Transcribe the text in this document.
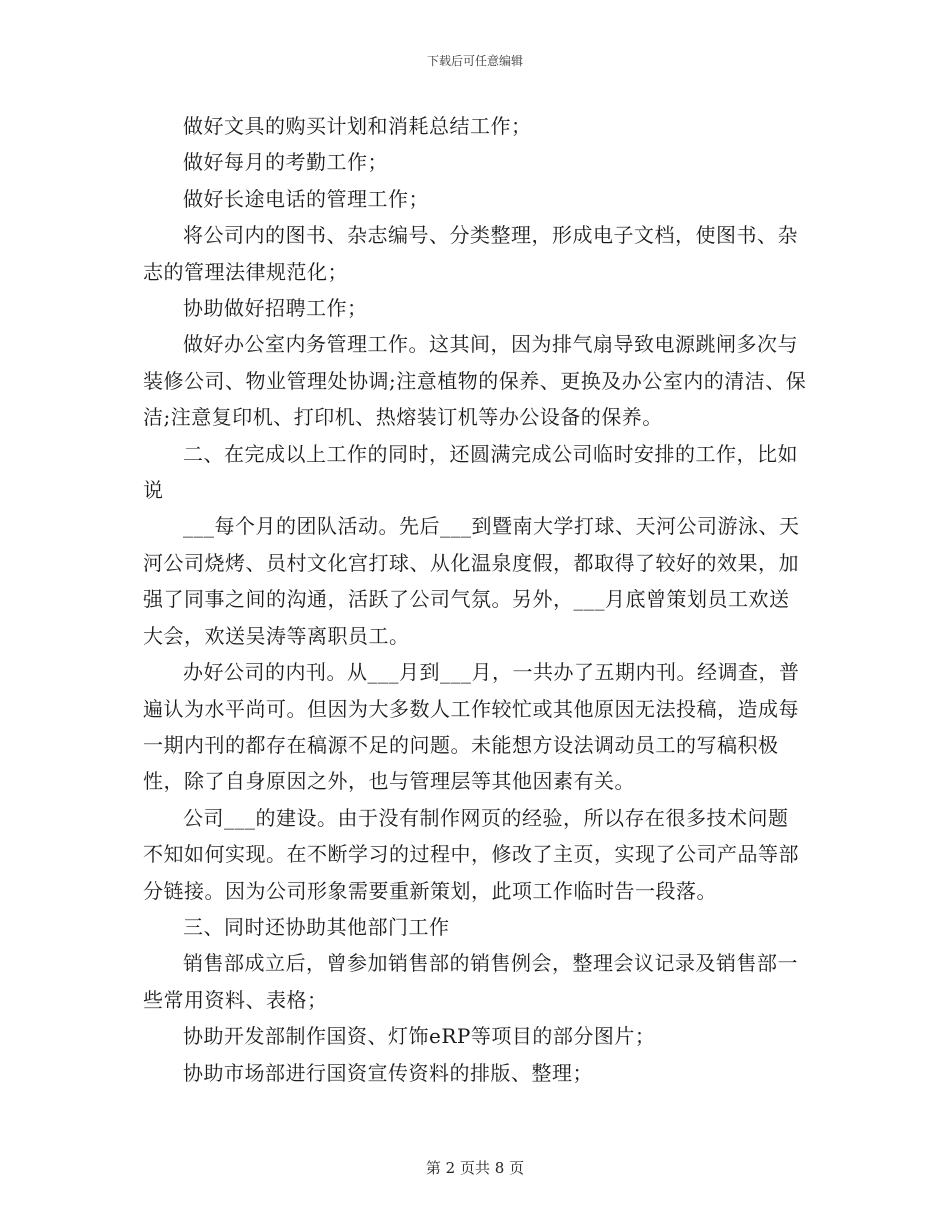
下载后可任意编辑

做好文具的购买计划和消耗总结工作；

做好每月的考勤工作；

做好长途电话的管理工作；

将公司内的图书、杂志编号、分类整理，形成电子文档，使图书、杂志的管理法律规范化；

协助做好招聘工作；

做好办公室内务管理工作。这其间，因为排气扇导致电源跳闸多次与装修公司、物业管理处协调;注意植物的保养、更换及办公室内的清洁、保洁;注意复印机、打印机、热熔装订机等办公设备的保养。

二、在完成以上工作的同时，还圆满完成公司临时安排的工作，比如说

___每个月的团队活动。先后___到暨南大学打球、天河公司游泳、天河公司烧烤、员村文化宫打球、从化温泉度假，都取得了较好的效果，加强了同事之间的沟通，活跃了公司气氛。另外，___月底曾策划员工欢送大会，欢送吴涛等离职员工。

办好公司的内刊。从___月到___月，一共办了五期内刊。经调查，普遍认为水平尚可。但因为大多数人工作较忙或其他原因无法投稿，造成每一期内刊的都存在稿源不足的问题。未能想方设法调动员工的写稿积极性，除了自身原因之外，也与管理层等其他因素有关。

公司___的建设。由于没有制作网页的经验，所以存在很多技术问题不知如何实现。在不断学习的过程中，修改了主页，实现了公司产品等部分链接。因为公司形象需要重新策划，此项工作临时告一段落。

三、同时还协助其他部门工作

销售部成立后，曾参加销售部的销售例会，整理会议记录及销售部一些常用资料、表格；

协助开发部制作国资、灯饰eRP等项目的部分图片；

协助市场部进行国资宣传资料的排版、整理；

第 2 页共 8 页
